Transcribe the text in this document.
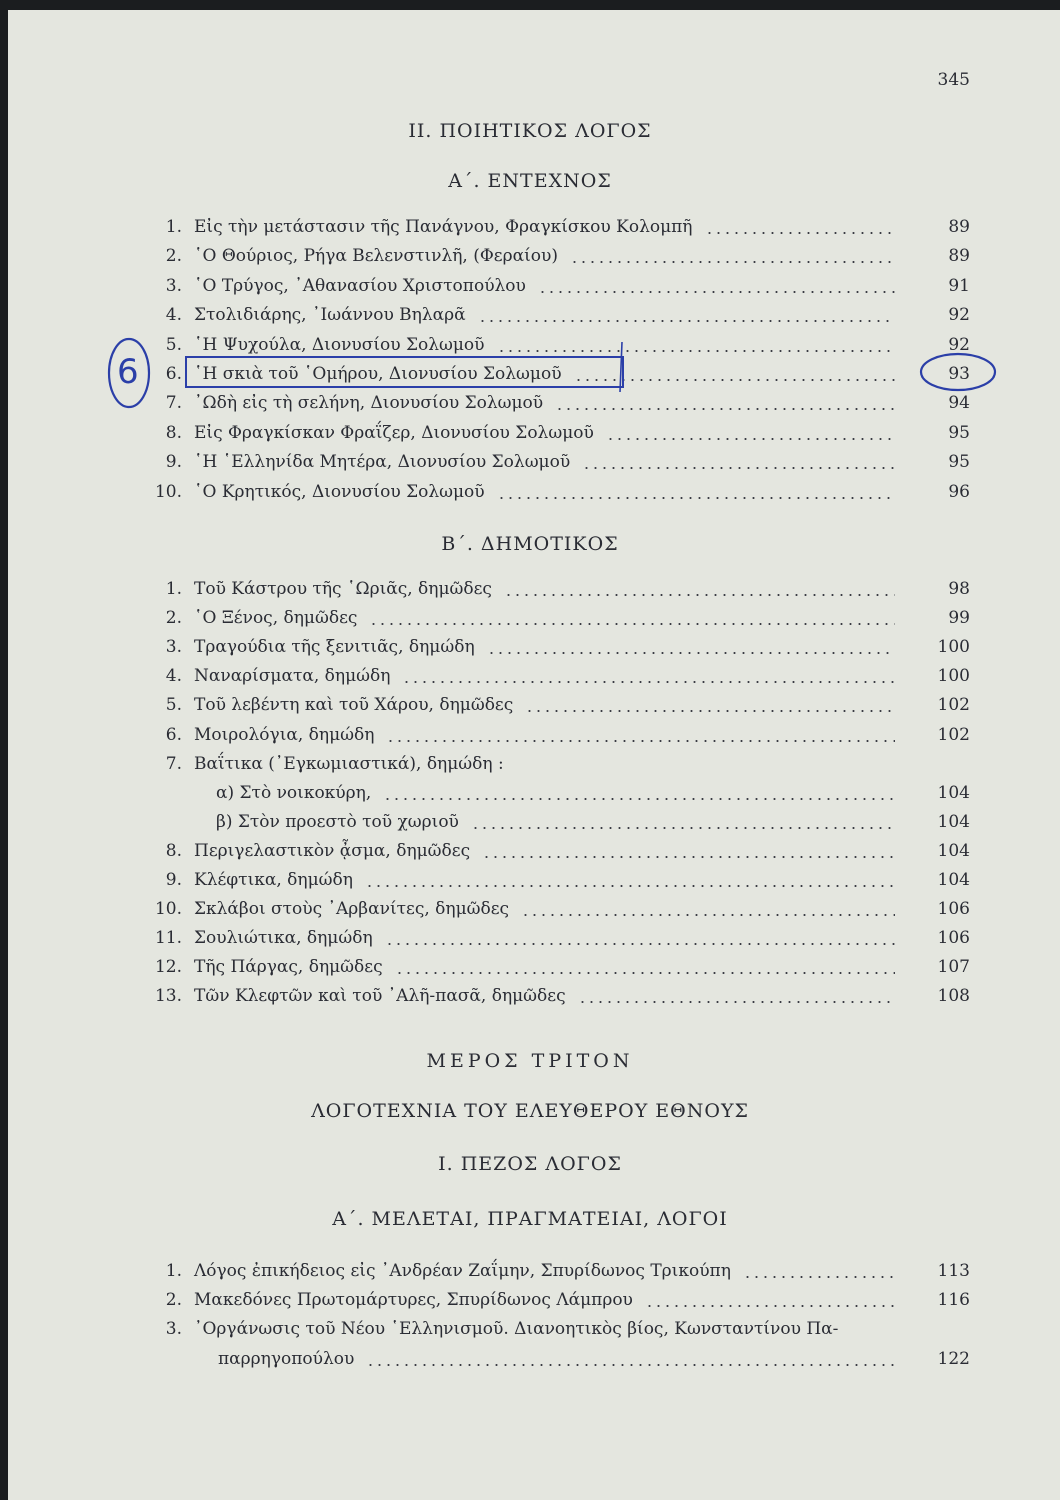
345
ΙΙ. ΠΟΙΗΤΙΚΟΣ ΛΟΓΟΣ
Α΄. ΕΝΤΕΧΝΟΣ
1. Εἰς τὴν μετάστασιν τῆς Πανάγνου, Φραγκίσκου Κολομπῆ	89
2. ῾Ο Θούριος, Ρήγα Βελενστινλῆ, (Φεραίου)	89
3. ῾Ο Τρύγος, ᾿Αθανασίου Χριστοπούλου	91
4. Στολιδιάρης, ᾿Ιωάννου Βηλαρᾶ	92
5. ῾Η Ψυχούλα, Διονυσίου Σολωμοῦ	92
6. ῾Η σκιὰ τοῦ ῾Ομήρου, Διονυσίου Σολωμοῦ	93
7. ᾿Ωδὴ εἰς τὴ σελήνη, Διονυσίου Σολωμοῦ	94
8. Εἰς Φραγκίσκαν Φραΐζερ, Διονυσίου Σολωμοῦ	95
9. ῾Η ῾Ελληνίδα Μητέρα, Διονυσίου Σολωμοῦ	95
10. ῾Ο Κρητικός, Διονυσίου Σολωμοῦ	96
Β΄. ΔΗΜΟΤΙΚΟΣ
1. Τοῦ Κάστρου τῆς ῾Ωριᾶς, δημῶδες	98
2. ῾Ο Ξένος, δημῶδες	99
3. Τραγούδια τῆς ξενιτιᾶς, δημώδη	100
4. Ναναρίσματα, δημώδη	100
5. Τοῦ λεβέντη καὶ τοῦ Χάρου, δημῶδες	102
6. Μοιρολόγια, δημώδη	102
7. Βαΐτικα (᾿Εγκωμιαστικά), δημώδη :
α) Στὸ νοικοκύρη,	104
β) Στὸν προεστὸ τοῦ χωριοῦ	104
8. Περιγελαστικὸν ᾆσμα, δημῶδες	104
9. Κλέφτικα, δημώδη	104
10. Σκλάβοι στοὺς ᾿Αρβανίτες, δημῶδες	106
11. Σουλιώτικα, δημώδη	106
12. Τῆς Πάργας, δημῶδες	107
13. Τῶν Κλεφτῶν καὶ τοῦ ᾿Αλῆ-πασᾶ, δημῶδες	108
ΜΕΡΟΣ ΤΡΙΤΟΝ
ΛΟΓΟΤΕΧΝΙΑ ΤΟΥ ΕΛΕΥΘΕΡΟΥ ΕΘΝΟΥΣ
Ι. ΠΕΖΟΣ ΛΟΓΟΣ
Α΄. ΜΕΛΕΤΑΙ, ΠΡΑΓΜΑΤΕΙΑΙ, ΛΟΓΟΙ
1. Λόγος ἐπικήδειος εἰς ᾿Ανδρέαν Ζαΐμην, Σπυρίδωνος Τρικούπη	113
2. Μακεδόνες Πρωτομάρτυρες, Σπυρίδωνος Λάμπρου	116
3. ᾿Οργάνωσις τοῦ Νέου ῾Ελληνισμοῦ. Διανοητικὸς βίος, Κωνσταντίνου Πα-
παρρηγοπούλου	122
6
